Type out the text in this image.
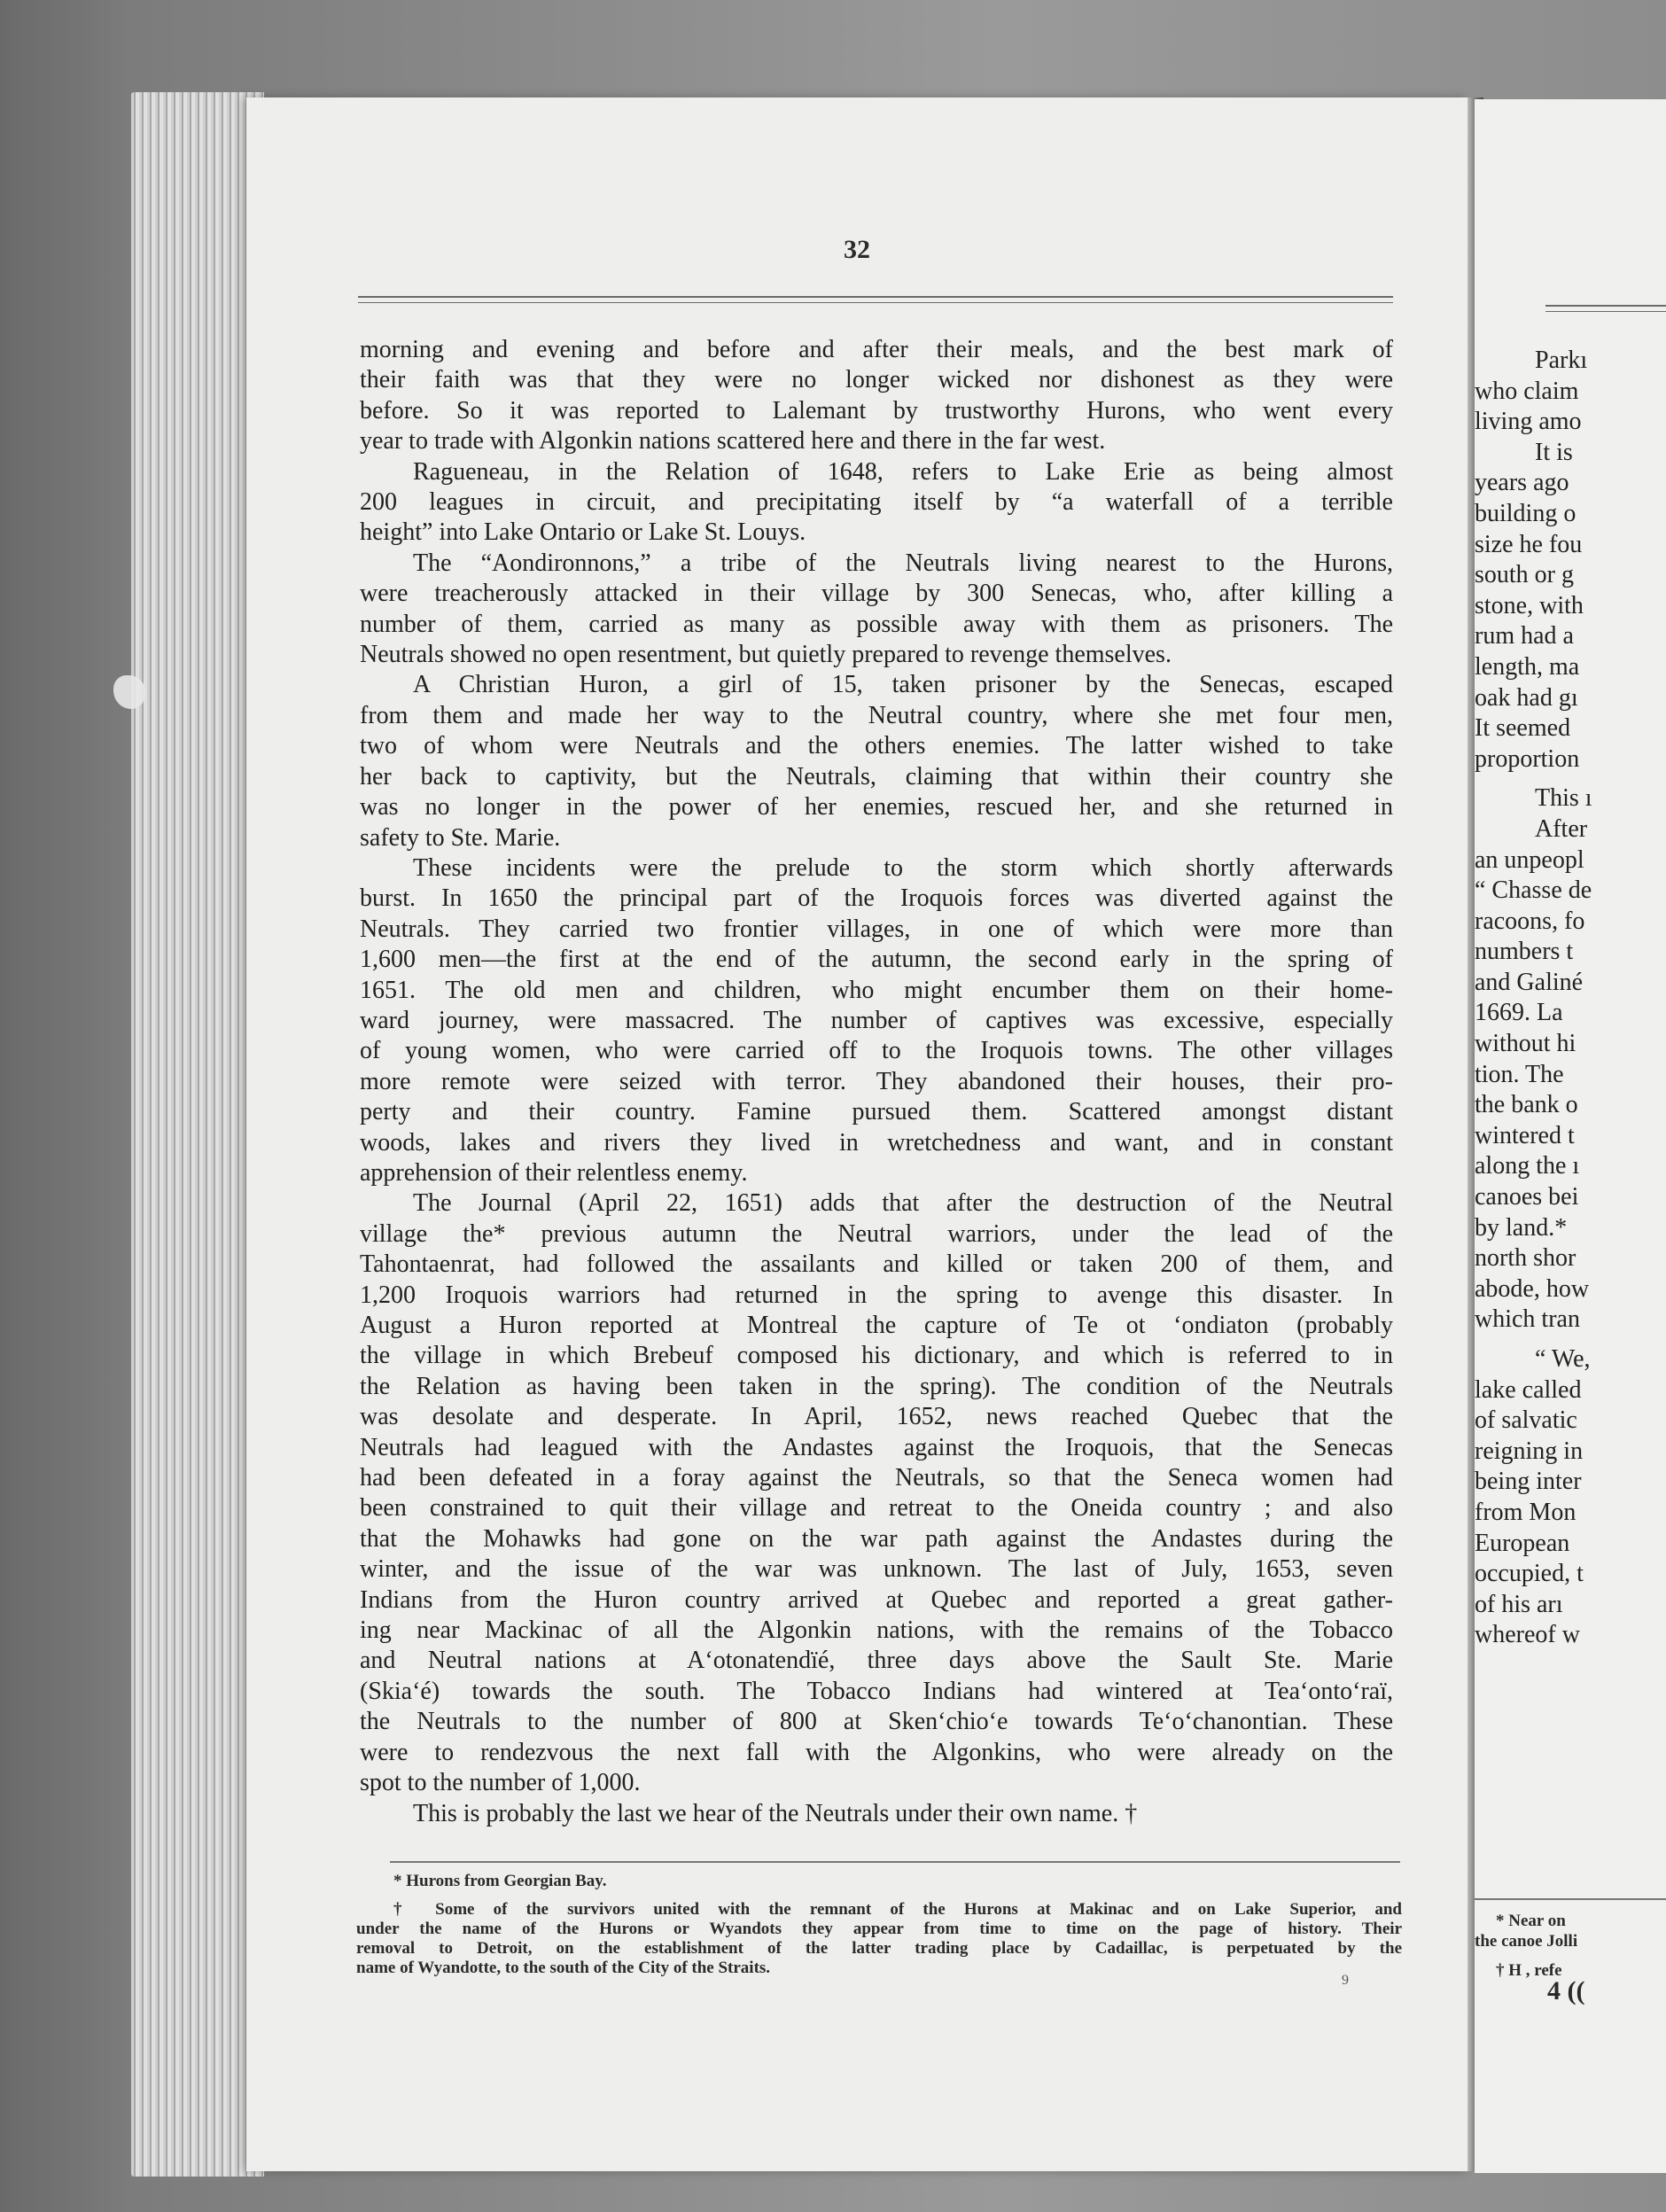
Parkı
who claim
living amo
It is
years ago
building o
size he fou
south or g
stone, with
rum had a
length, ma
oak had gı
It seemed
proportion
This ı
After
an unpeopl
“ Chasse de
racoons, fo
numbers t
and Galiné
1669. La
without hi
tion. The
the bank o
wintered t
along the ı
canoes bei
by land.*
north shor
abode, how
which tran
“ We,
lake called
of salvatic
reigning in
being inter
from Mon
European
occupied, t
of his arı
whereof w
* Near on
the canoe Jolli
† H , refe
4 ((
32
morning and evening and before and after their meals, and the best mark of
their faith was that they were no longer wicked nor dishonest as they were
before. So it was reported to Lalemant by trustworthy Hurons, who went every
year to trade with Algonkin nations scattered here and there in the far west.
Ragueneau, in the Relation of 1648, refers to Lake Erie as being almost
200 leagues in circuit, and precipitating itself by “a waterfall of a terrible
height” into Lake Ontario or Lake St. Louys.
The “Aondironnons,” a tribe of the Neutrals living nearest to the Hurons,
were treacherously attacked in their village by 300 Senecas, who, after killing a
number of them, carried as many as possible away with them as prisoners. The
Neutrals showed no open resentment, but quietly prepared to revenge themselves.
A Christian Huron, a girl of 15, taken prisoner by the Senecas, escaped
from them and made her way to the Neutral country, where she met four men,
two of whom were Neutrals and the others enemies. The latter wished to take
her back to captivity, but the Neutrals, claiming that within their country she
was no longer in the power of her enemies, rescued her, and she returned in
safety to Ste. Marie.
These incidents were the prelude to the storm which shortly afterwards
burst. In 1650 the principal part of the Iroquois forces was diverted against the
Neutrals. They carried two frontier villages, in one of which were more than
1,600 men—the first at the end of the autumn, the second early in the spring of
1651. The old men and children, who might encumber them on their home-
ward journey, were massacred. The number of captives was excessive, especially
of young women, who were carried off to the Iroquois towns. The other villages
more remote were seized with terror. They abandoned their houses, their pro-
perty and their country. Famine pursued them. Scattered amongst distant
woods, lakes and rivers they lived in wretchedness and want, and in constant
apprehension of their relentless enemy.
The Journal (April 22, 1651) adds that after the destruction of the Neutral
village the* previous autumn the Neutral warriors, under the lead of the
Tahontaenrat, had followed the assailants and killed or taken 200 of them, and
1,200 Iroquois warriors had returned in the spring to avenge this disaster. In
August a Huron reported at Montreal the capture of Te ot ‘ondiaton (probably
the village in which Brebeuf composed his dictionary, and which is referred to in
the Relation as having been taken in the spring). The condition of the Neutrals
was desolate and desperate. In April, 1652, news reached Quebec that the
Neutrals had leagued with the Andastes against the Iroquois, that the Senecas
had been defeated in a foray against the Neutrals, so that the Seneca women had
been constrained to quit their village and retreat to the Oneida country ; and also
that the Mohawks had gone on the war path against the Andastes during the
winter, and the issue of the war was unknown. The last of July, 1653, seven
Indians from the Huron country arrived at Quebec and reported a great gather-
ing near Mackinac of all the Algonkin nations, with the remains of the Tobacco
and Neutral nations at A‘otonatendïé, three days above the Sault Ste. Marie
(Skia‘é) towards the south. The Tobacco Indians had wintered at Tea‘onto‘raï,
the Neutrals to the number of 800 at Sken‘chio‘e towards Te‘o‘chanontian. These
were to rendezvous the next fall with the Algonkins, who were already on the
spot to the number of 1,000.
This is probably the last we hear of the Neutrals under their own name. †
* Hurons from Georgian Bay.
† Some of the survivors united with the remnant of the Hurons at Makinac and on Lake Superior, and
under the name of the Hurons or Wyandots they appear from time to time on the page of history. Their
removal to Detroit, on the establishment of the latter trading place by Cadaillac, is perpetuated by the
name of Wyandotte, to the south of the City of the Straits.
9
